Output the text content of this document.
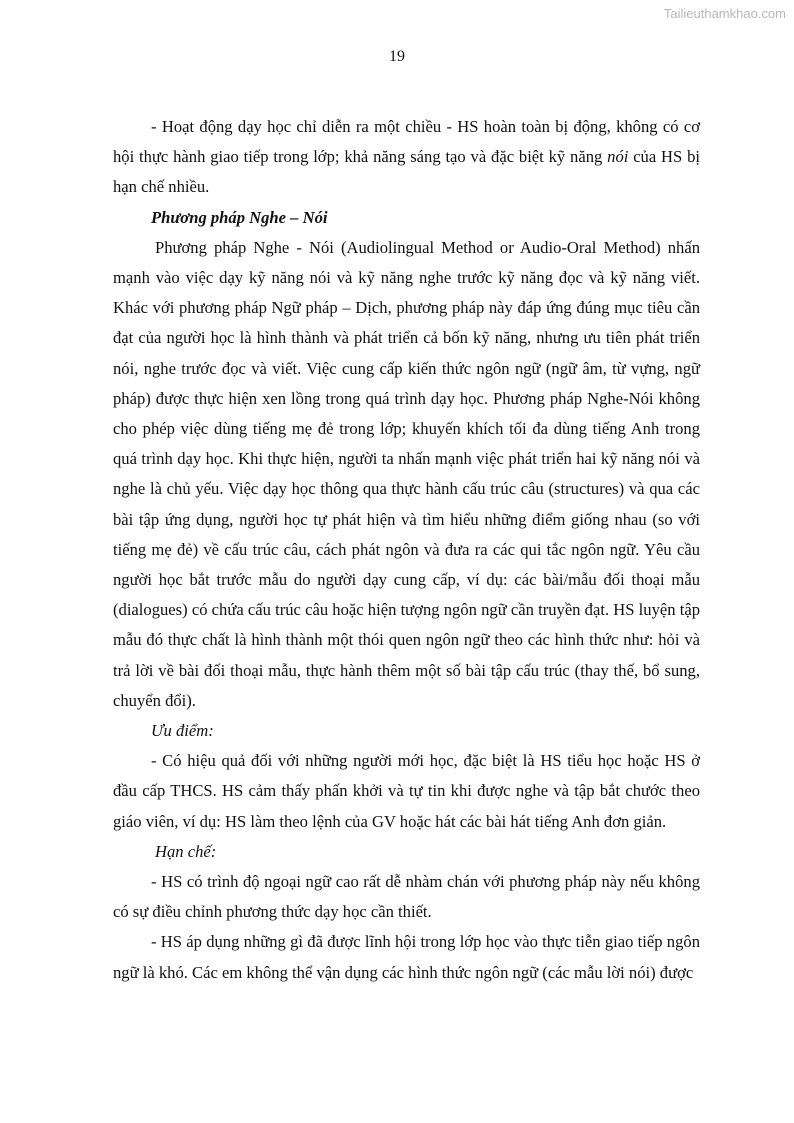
Tailieuthamkhao.com
19

- Hoạt động dạy học chỉ diễn ra một chiều - HS hoàn toàn bị động, không có cơ hội thực hành giao tiếp trong lớp; khả năng sáng tạo và đặc biệt kỹ năng nói của HS bị hạn chế nhiều.

Phương pháp Nghe – Nói

Phương pháp Nghe - Nói (Audiolingual Method or Audio-Oral Method) nhấn mạnh vào việc dạy kỹ năng nói và kỹ năng nghe trước kỹ năng đọc và kỹ năng viết. Khác với phương pháp Ngữ pháp – Dịch, phương pháp này đáp ứng đúng mục tiêu cần đạt của người học là hình thành và phát triển cả bốn kỹ năng, nhưng ưu tiên phát triển nói, nghe trước đọc và viết. Việc cung cấp kiến thức ngôn ngữ (ngữ âm, từ vựng, ngữ pháp) được thực hiện xen lồng trong quá trình dạy học. Phương pháp Nghe-Nói không cho phép việc dùng tiếng mẹ đẻ trong lớp; khuyến khích tối đa dùng tiếng Anh trong quá trình dạy học. Khi thực hiện, người ta nhấn mạnh việc phát triển hai kỹ năng nói và nghe là chủ yếu. Việc dạy học thông qua thực hành cấu trúc câu (structures) và qua các bài tập ứng dụng, người học tự phát hiện và tìm hiểu những điểm giống nhau (so với tiếng mẹ đẻ) về cấu trúc câu, cách phát ngôn và đưa ra các qui tắc ngôn ngữ. Yêu cầu người học bắt trước mẫu do người dạy cung cấp, ví dụ: các bài/mẫu đối thoại mẫu (dialogues) có chứa cấu trúc câu hoặc hiện tượng ngôn ngữ cần truyền đạt. HS luyện tập mẫu đó thực chất là hình thành một thói quen ngôn ngữ theo các hình thức như: hỏi và trả lời về bài đối thoại mẫu, thực hành thêm một số bài tập cấu trúc (thay thế, bổ sung, chuyển đổi).

Ưu điểm:

- Có hiệu quả đối với những người mới học, đặc biệt là HS tiểu học hoặc HS ở đầu cấp THCS. HS cảm thấy phấn khởi và tự tin khi được nghe và tập bắt chước theo giáo viên, ví dụ: HS làm theo lệnh của GV hoặc hát các bài hát tiếng Anh đơn giản.

Hạn chế:

- HS có trình độ ngoại ngữ cao rất dễ nhàm chán với phương pháp này nếu không có sự điều chỉnh phương thức dạy học cần thiết.

- HS áp dụng những gì đã được lĩnh hội trong lớp học vào thực tiễn giao tiếp ngôn ngữ là khó. Các em không thể vận dụng các hình thức ngôn ngữ (các mẫu lời nói) được
